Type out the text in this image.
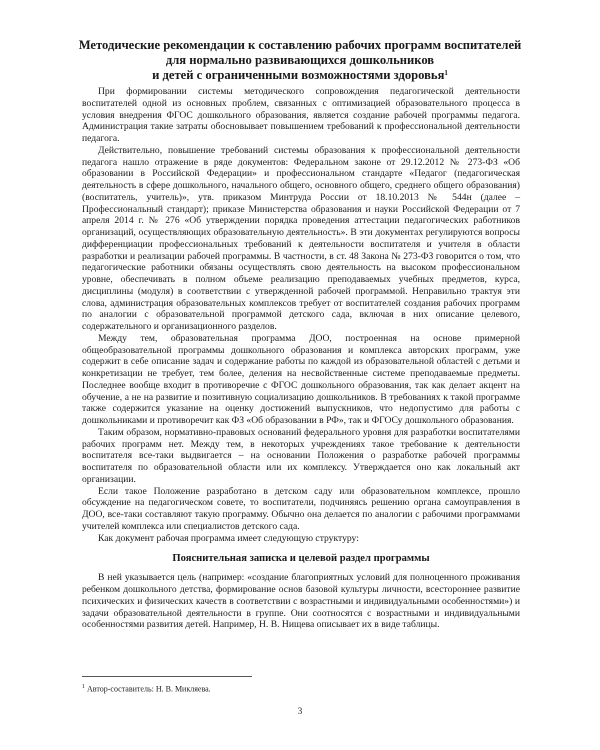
Методические рекомендации к составлению рабочих программ воспитателей
для нормально развивающихся дошкольников
и детей с ограниченными возможностями здоровья$^1$

При формировании системы методического сопровождения педагогической деятельности воспитателей одной из основных проблем, связанных с оптимизацией образовательного процесса в условия внедрения ФГОС дошкольного образования, является создание рабочей программы педагога. Администрация такие затраты обосновывает повышением требований к профессиональной деятельности педагога.

Действительно, повышение требований системы образования к профессиональной деятельности педагога нашло отражение в ряде документов: Федеральном законе от 29.12.2012 № 273-ФЗ «Об образовании в Российской Федерации» и профессиональном стандарте «Педагог (педагогическая деятельность в сфере дошкольного, начального общего, основного общего, среднего общего образования) (воспитатель, учитель)», утв. приказом Минтруда России от 18.10.2013 № 544н (далее – Профессиональный стандарт); приказе Министерства образования и науки Российской Федерации от 7 апреля 2014 г. № 276 «Об утверждении порядка проведения аттестации педагогических работников организаций, осуществляющих образовательную деятельность». В эти документах регулируются вопросы дифференциации профессиональных требований к деятельности воспитателя и учителя в области разработки и реализации рабочей программы. В частности, в ст. 48 Закона № 273-ФЗ говорится о том, что педагогические работники обязаны осуществлять свою деятельность на высоком профессиональном уровне, обеспечивать в полном объеме реализацию преподаваемых учебных предметов, курса, дисциплины (модуля) в соответствии с утвержденной рабочей программой. Неправильно трактуя эти слова, администрация образовательных комплексов требует от воспитателей создания рабочих программ по аналогии с образовательной программой детского сада, включая в них описание целевого, содержательного и организационного разделов.

Между тем, образовательная программа ДОО, построенная на основе примерной общеобразовательной программы дошкольного образования и комплекса авторских программ, уже содержит в себе описание задач и содержание работы по каждой из образовательной областей с детьми и конкретизации не требует, тем более, деления на несвойственные системе преподаваемые предметы. Последнее вообще входит в противоречие с ФГОС дошкольного образования, так как делает акцент на обучение, а не на развитие и позитивную социализацию дошкольников. В требованиях к такой программе также содержится указание на оценку достижений выпускников, что недопустимо для работы с дошкольниками и противоречит как ФЗ «Об образовании в РФ», так и ФГОСу дошкольного образования.

Таким образом, нормативно-правовых оснований федерального уровня для разработки воспитателями рабочих программ нет. Между тем, в некоторых учреждениях такое требование к деятельности воспитателя все-таки выдвигается – на основании Положения о разработке рабочей программы воспитателя по образовательной области или их комплексу. Утверждается оно как локальный акт организации.

Если такое Положение разработано в детском саду или образовательном комплексе, прошло обсуждение на педагогическом совете, то воспитатели, подчиняясь решению органа самоуправления в ДОО, все-таки составляют такую программу. Обычно она делается по аналогии с рабочими программами учителей комплекса или специалистов детского сада.

Как документ рабочая программа имеет следующую структуру:

Пояснительная записка и целевой раздел программы

В ней указывается цель (например: «создание благоприятных условий для полноценного проживания ребенком дошкольного детства, формирование основ базовой культуры личности, всестороннее развитие психических и физических качеств в соответствии с возрастными и индивидуальными особенностями») и задачи образовательной деятельности в группе. Они соотносятся с возрастными и индивидуальными особенностями развития детей. Например, Н. В. Нищева описывает их в виде таблицы.

$^1$ Автор-составитель: Н. В. Микляева.
3
